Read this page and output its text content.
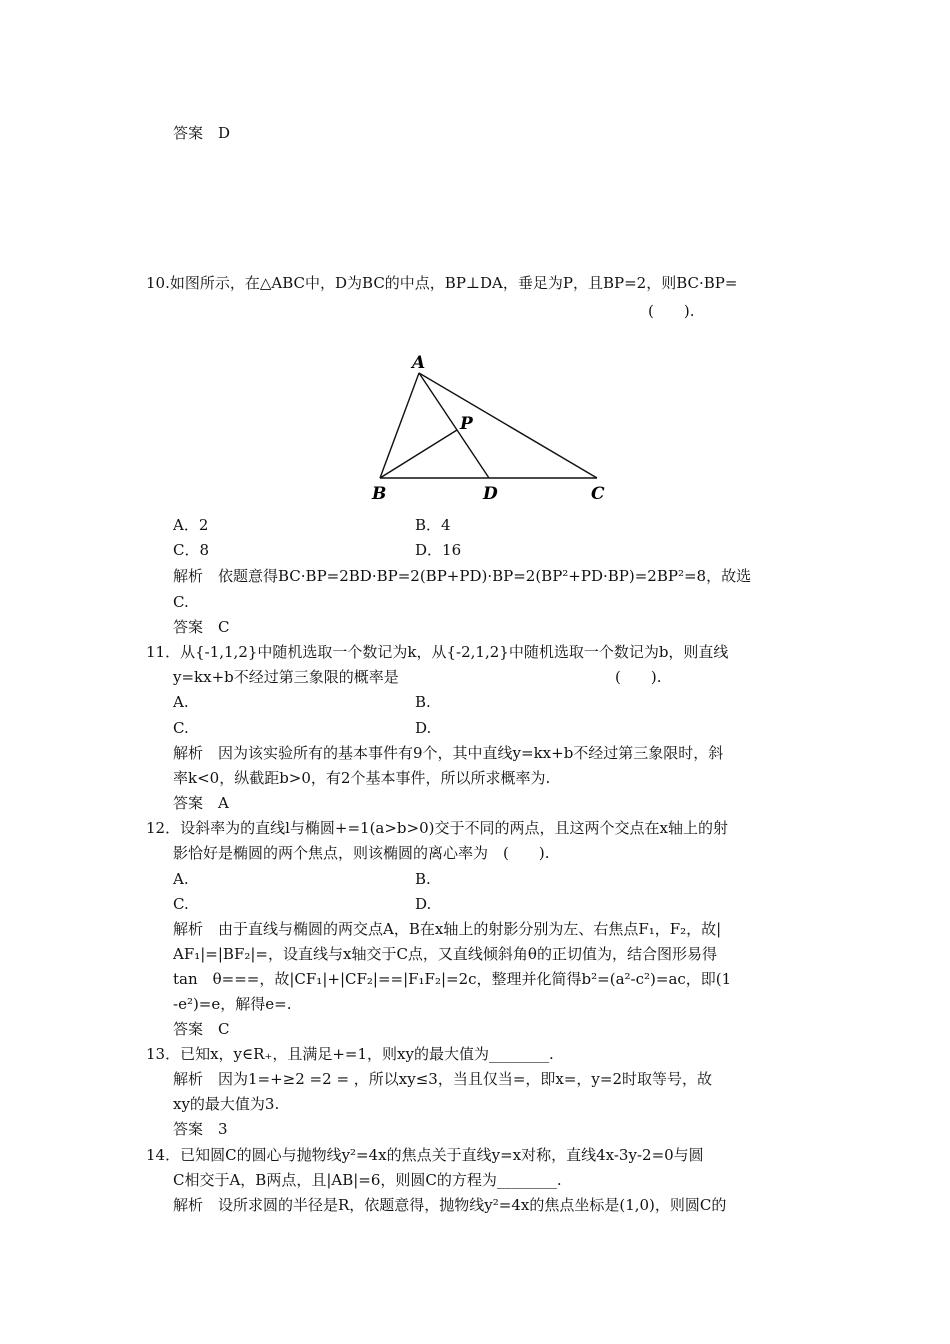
答案　D
10.如图所示，在△ABC中，D为BC的中点，BP⊥DA，垂足为P，且BP=2，则BC·BP=
(　　).
A
P
B	D	C
A．2	B．4
C．8	D．16
解析　依题意得BC·BP=2BD·BP=2(BP+PD)·BP=2(BP²+PD·BP)=2BP²=8，故选
C.
答案　C
11．从{-1,1,2}中随机选取一个数记为k，从{-2,1,2}中随机选取一个数记为b，则直线
y=kx+b不经过第三象限的概率是	(　　).
A.	B.
C.	D.
解析　因为该实验所有的基本事件有9个，其中直线y=kx+b不经过第三象限时，斜
率k<0，纵截距b>0，有2个基本事件，所以所求概率为.
答案　A
12．设斜率为的直线l与椭圆+=1(a>b>0)交于不同的两点，且这两个交点在x轴上的射
影恰好是椭圆的两个焦点，则该椭圆的离心率为　(　　).
A.	B.
C.	D.
解析　由于直线与椭圆的两交点A，B在x轴上的射影分别为左、右焦点F₁，F₂，故|
AF₁|=|BF₂|=，设直线与x轴交于C点，又直线倾斜角θ的正切值为，结合图形易得
tan　θ===，故|CF₁|+|CF₂|==|F₁F₂|=2c，整理并化简得b²=(a²-c²)=ac，即(1
-e²)=e，解得e=.
答案　C
13．已知x，y∈R₊，且满足+=1，则xy的最大值为________.
解析　因为1=+≥2 =2 = ，所以xy≤3，当且仅当=，即x=，y=2时取等号，故
xy的最大值为3.
答案　3
14．已知圆C的圆心与抛物线y²=4x的焦点关于直线y=x对称，直线4x-3y-2=0与圆
C相交于A，B两点，且|AB|=6，则圆C的方程为________.
解析　设所求圆的半径是R，依题意得，抛物线y²=4x的焦点坐标是(1,0)，则圆C的
